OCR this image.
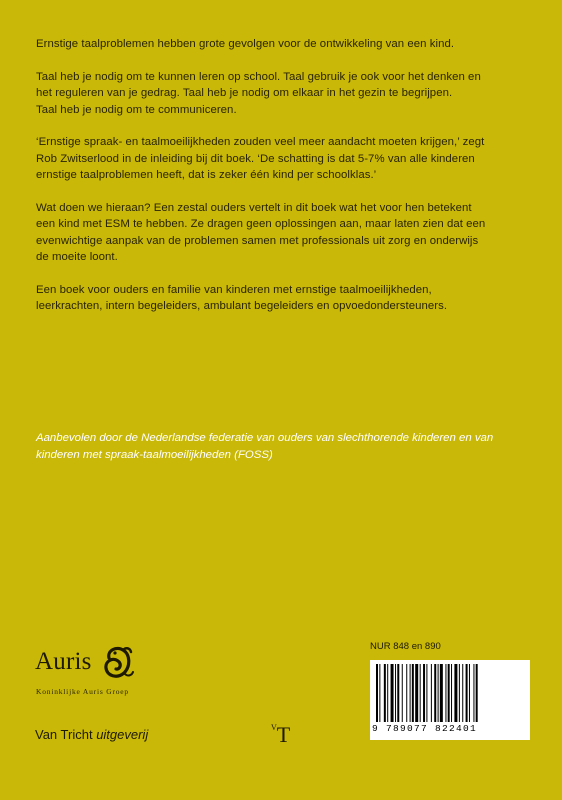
Ernstige taalproblemen hebben grote gevolgen voor de ontwikkeling van een kind.

Taal heb je nodig om te kunnen leren op school. Taal gebruik je ook voor het denken en het reguleren van je gedrag. Taal heb je nodig om elkaar in het gezin te begrijpen.

Taal heb je nodig om te communiceren.

‘Ernstige spraak- en taalmoeilijkheden zouden veel meer aandacht moeten krijgen,’ zegt Rob Zwitserlood in de inleiding bij dit boek. ‘De schatting is dat 5-7% van alle kinderen ernstige taalproblemen heeft, dat is zeker één kind per schoolklas.’

Wat doen we hieraan? Een zestal ouders vertelt in dit boek wat het voor hen betekent een kind met ESM te hebben. Ze dragen geen oplossingen aan, maar laten zien dat een evenwichtige aanpak van de problemen samen met professionals uit zorg en onderwijs de moeite loont.

Een boek voor ouders en familie van kinderen met ernstige taalmoeilijkheden, leerkrachten, intern begeleiders, ambulant begeleiders en opvoedondersteuners.

Aanbevolen door de Nederlandse federatie van ouders van slechthorende kinderen en van kinderen met spraak-taalmoeilijkheden (FOSS)
Auris
Koninklijke Auris Groep
Van Tricht uitgeverij	$^V$T
NUR 848 en 890
9 789077 822401
